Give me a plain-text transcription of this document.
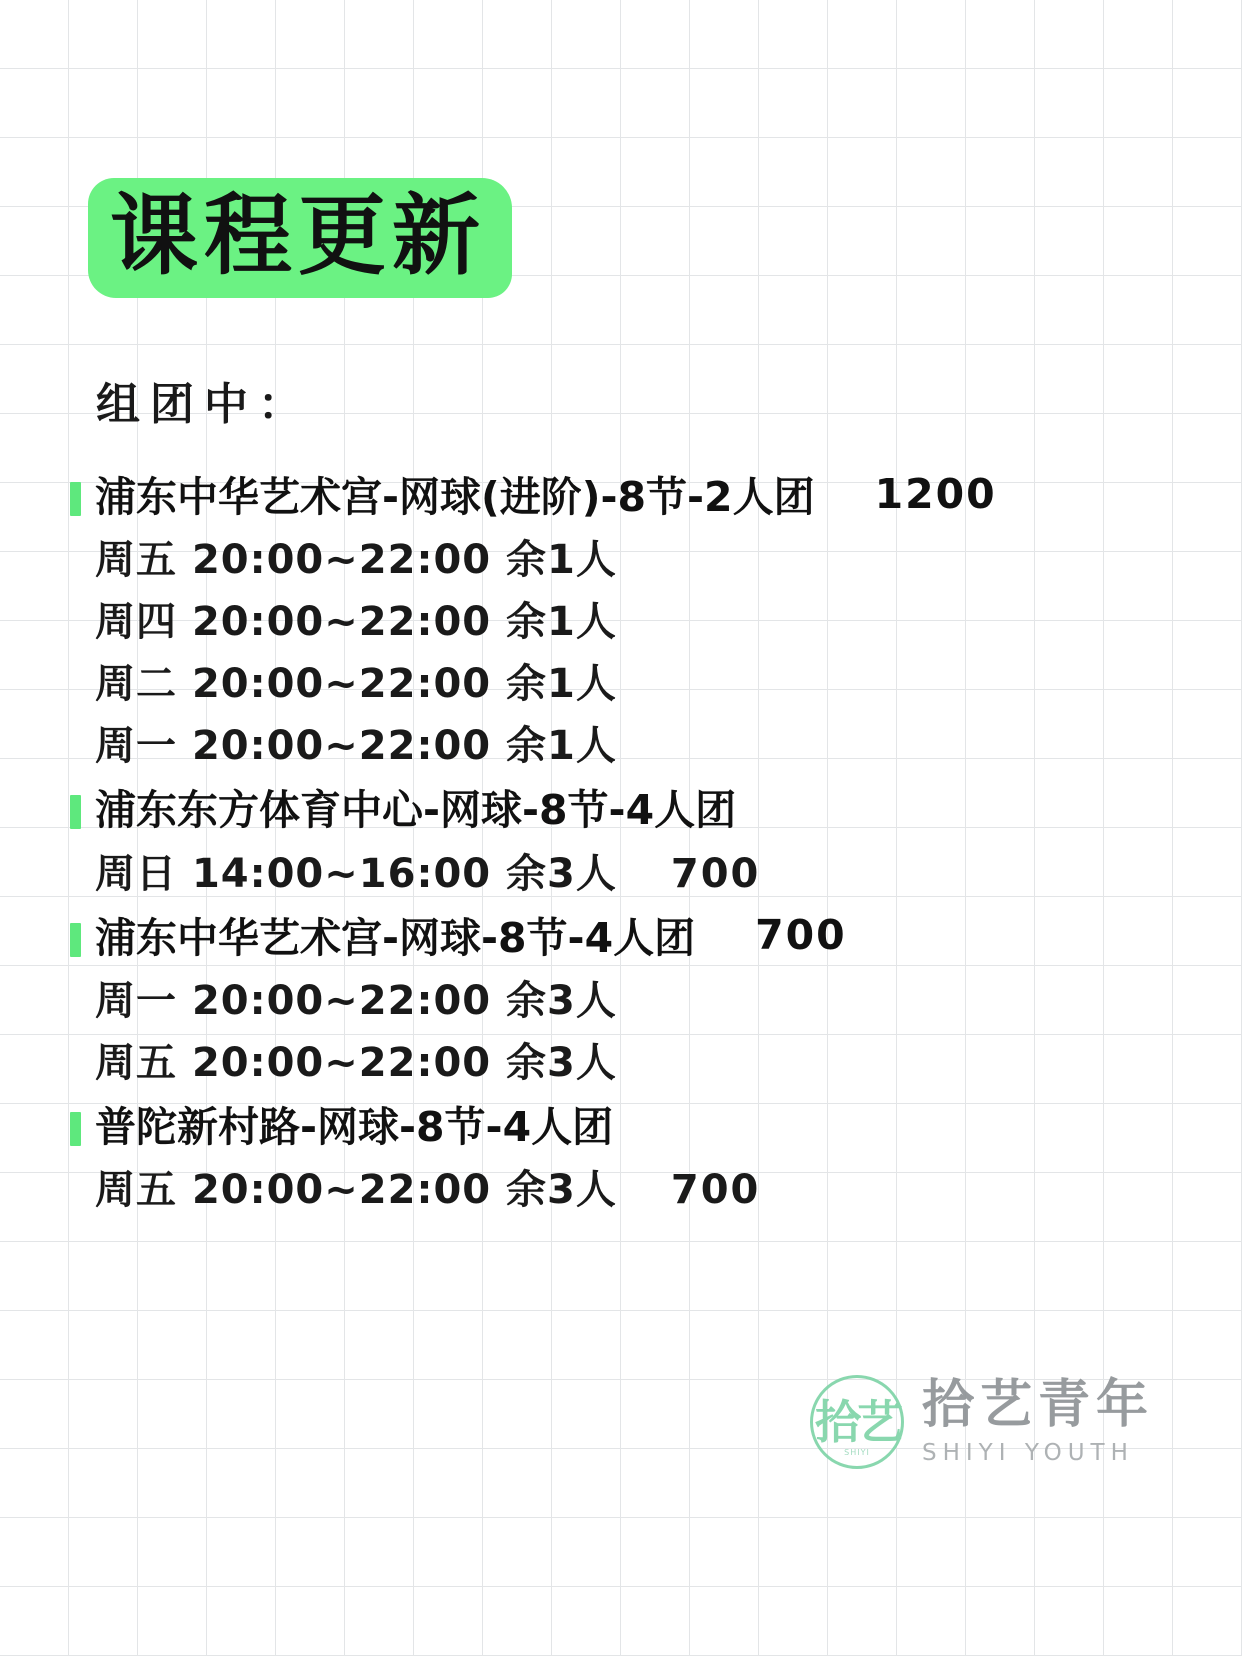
课程更新
组团中：
浦东中华艺术宫-网球(进阶)-8节-2人团 1200
周五
20:00~22:00
余1人
周四
20:00~22:00
余1人
周二
20:00~22:00
余1人
周一
20:00~22:00
余1人
浦东东方体育中心-网球-8节-4人团
周日
14:00~16:00
余3人 700
浦东中华艺术宫-网球-8节-4人团 700
周一
20:00~22:00
余3人
周五
20:00~22:00
余3人
普陀新村路-网球-8节-4人团
周五
20:00~22:00
余3人 700
拾艺
SHIYI
拾艺青年
SHIYI YOUTH
